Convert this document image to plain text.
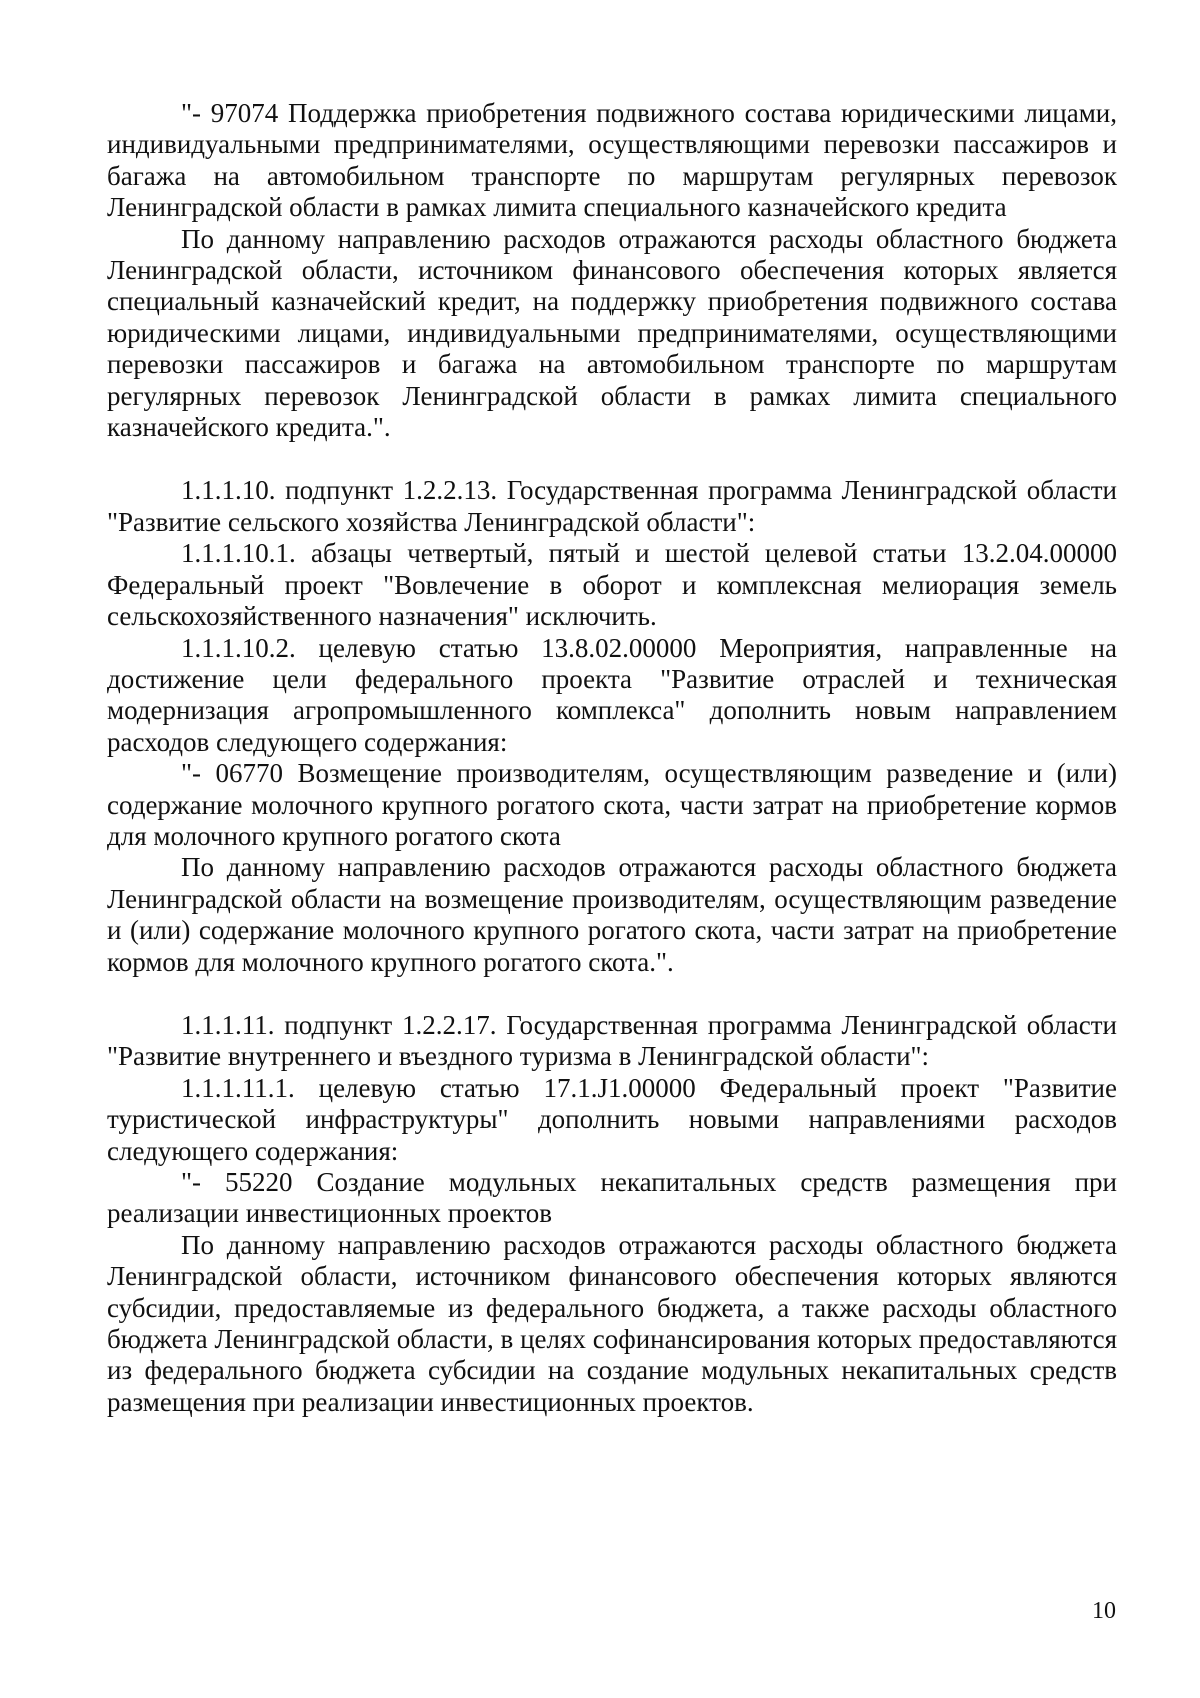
"- 97074 Поддержка приобретения подвижного состава юридическими лицами, индивидуальными предпринимателями, осуществляющими перевозки пассажиров и багажа на автомобильном транспорте по маршрутам регулярных перевозок Ленинградской области в рамках лимита специального казначейского кредита

По данному направлению расходов отражаются расходы областного бюджета Ленинградской области, источником финансового обеспечения которых является специальный казначейский кредит, на поддержку приобретения подвижного состава юридическими лицами, индивидуальными предпринимателями, осуществляющими перевозки пассажиров и багажа на автомобильном транспорте по маршрутам регулярных перевозок Ленинградской области в рамках лимита специального казначейского кредита.".

1.1.1.10. подпункт 1.2.2.13. Государственная программа Ленинградской области "Развитие сельского хозяйства Ленинградской области":

1.1.1.10.1. абзацы четвертый, пятый и шестой целевой статьи 13.2.04.00000 Федеральный проект "Вовлечение в оборот и комплексная мелиорация земель сельскохозяйственного назначения" исключить.

1.1.1.10.2. целевую статью 13.8.02.00000 Мероприятия, направленные на достижение цели федерального проекта "Развитие отраслей и техническая модернизация агропромышленного комплекса" дополнить новым направлением расходов следующего содержания:

"- 06770 Возмещение производителям, осуществляющим разведение и (или) содержание молочного крупного рогатого скота, части затрат на приобретение кормов для молочного крупного рогатого скота

По данному направлению расходов отражаются расходы областного бюджета Ленинградской области на возмещение производителям, осуществляющим разведение и (или) содержание молочного крупного рогатого скота, части затрат на приобретение кормов для молочного крупного рогатого скота.".

1.1.1.11. подпункт 1.2.2.17. Государственная программа Ленинградской области "Развитие внутреннего и въездного туризма в Ленинградской области":

1.1.1.11.1. целевую статью 17.1.J1.00000 Федеральный проект "Развитие туристической инфраструктуры" дополнить новыми направлениями расходов следующего содержания:

"- 55220 Создание модульных некапитальных средств размещения при реализации инвестиционных проектов

По данному направлению расходов отражаются расходы областного бюджета Ленинградской области, источником финансового обеспечения которых являются субсидии, предоставляемые из федерального бюджета, а также расходы областного бюджета Ленинградской области, в целях софинансирования которых предоставляются из федерального бюджета субсидии на создание модульных некапитальных средств размещения при реализации инвестиционных проектов.

10
